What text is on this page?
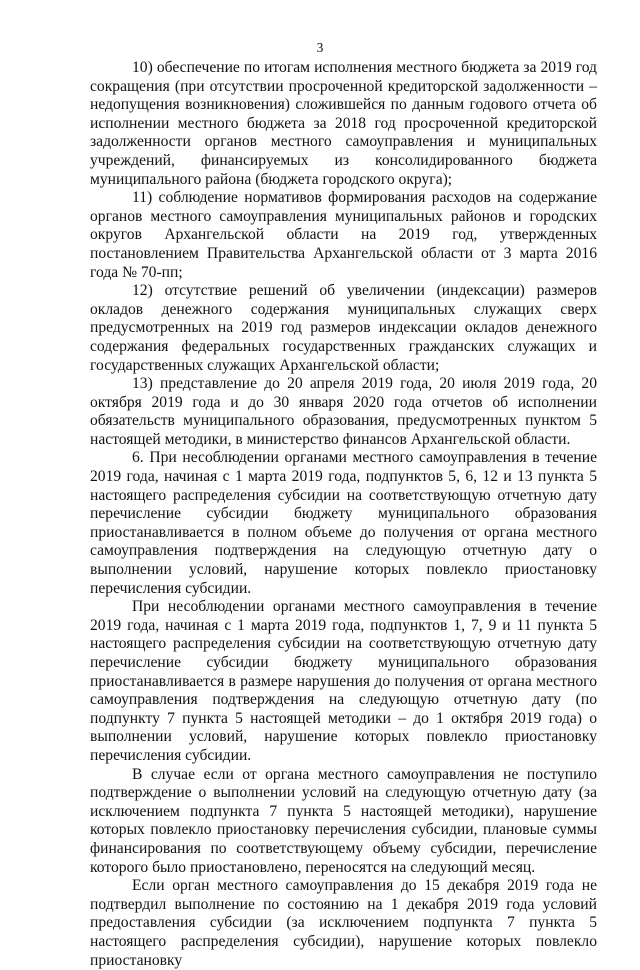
3

10) обеспечение по итогам исполнения местного бюджета за 2019 год сокращения (при отсутствии просроченной кредиторской задолженности – недопущения возникновения) сложившейся по данным годового отчета об исполнении местного бюджета за 2018 год просроченной кредиторской задолженности органов местного самоуправления и муниципальных учреждений, финансируемых из консолидированного бюджета муниципального района (бюджета городского округа);

11) соблюдение нормативов формирования расходов на содержание органов местного самоуправления муниципальных районов и городских округов Архангельской области на 2019 год, утвержденных постановлением Правительства Архангельской области от 3 марта 2016 года № 70-пп;

12) отсутствие решений об увеличении (индексации) размеров окладов денежного содержания муниципальных служащих сверх предусмотренных на 2019 год размеров индексации окладов денежного содержания федеральных государственных гражданских служащих и государственных служащих Архангельской области;

13) представление до 20 апреля 2019 года, 20 июля 2019 года, 20 октября 2019 года и до 30 января 2020 года отчетов об исполнении обязательств муниципального образования, предусмотренных пунктом 5 настоящей методики, в министерство финансов Архангельской области.

6. При несоблюдении органами местного самоуправления в течение 2019 года, начиная с 1 марта 2019 года, подпунктов 5, 6, 12 и 13 пункта 5 настоящего распределения субсидии на соответствующую отчетную дату перечисление субсидии бюджету муниципального образования приостанавливается в полном объеме до получения от органа местного самоуправления подтверждения на следующую отчетную дату о выполнении условий, нарушение которых повлекло приостановку перечисления субсидии.

При несоблюдении органами местного самоуправления в течение 2019 года, начиная с 1 марта 2019 года, подпунктов 1, 7, 9 и 11 пункта 5 настоящего распределения субсидии на соответствующую отчетную дату перечисление субсидии бюджету муниципального образования приостанавливается в размере нарушения до получения от органа местного самоуправления подтверждения на следующую отчетную дату (по подпункту 7 пункта 5 настоящей методики – до 1 октября 2019 года) о выполнении условий, нарушение которых повлекло приостановку перечисления субсидии.

В случае если от органа местного самоуправления не поступило подтверждение о выполнении условий на следующую отчетную дату (за исключением подпункта 7 пункта 5 настоящей методики), нарушение которых повлекло приостановку перечисления субсидии, плановые суммы финансирования по соответствующему объему субсидии, перечисление которого было приостановлено, переносятся на следующий месяц.

Если орган местного самоуправления до 15 декабря 2019 года не подтвердил выполнение по состоянию на 1 декабря 2019 года условий предоставления субсидии (за исключением подпункта 7 пункта 5 настоящего распределения субсидии), нарушение которых повлекло приостановку
